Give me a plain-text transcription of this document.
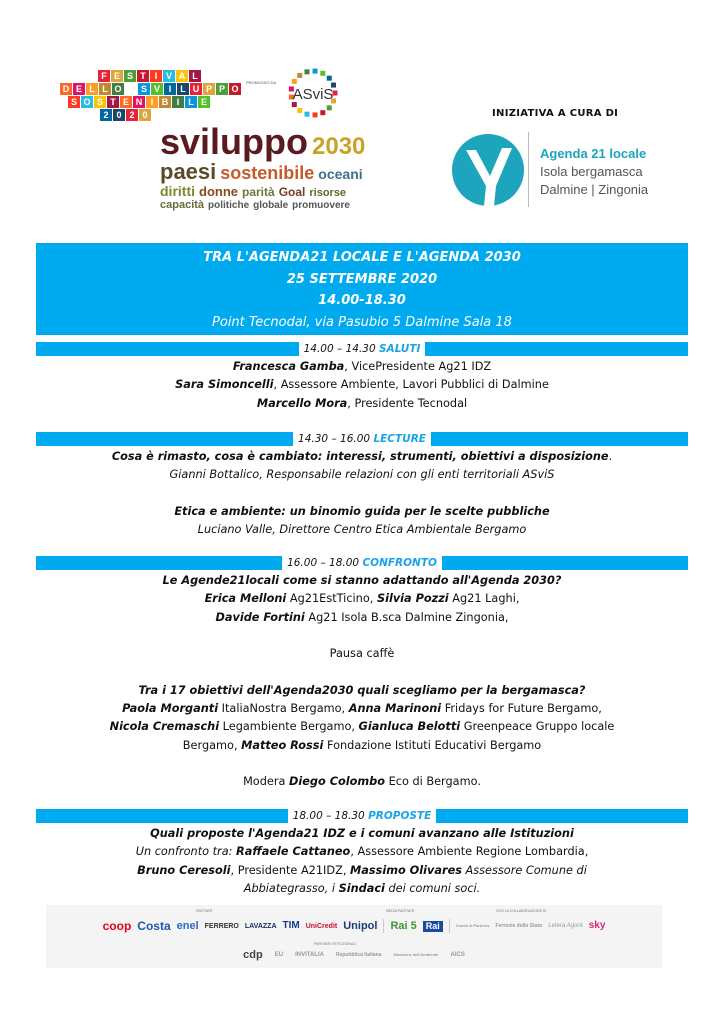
F E S T I V A L
D E L L O	S V I	L U P P O
S O S T E N I B I	L E
2 0 2 0
PROMOSSO DA
ASviS
sviluppo 2030
paesi sostenibile oceani
diritti donne parità Goal risorse
capacità politiche globale promuovere
INIZIATIVA A CURA DI
Agenda 21 locale
Isola bergamasca
Dalmine | Zingonia
TRA L'AGENDA21 LOCALE E L'AGENDA 2030
25 SETTEMBRE 2020
14.00-18.30
Point Tecnodal, via Pasubio 5 Dalmine Sala 18
14.00 – 14.30 SALUTI
Francesca Gamba, VicePresidente Ag21 IDZ
Sara Simoncelli, Assessore Ambiente, Lavori Pubblici di Dalmine
Marcello Mora, Presidente Tecnodal
14.30 – 16.00 LECTURE
Cosa è rimasto, cosa è cambiato: interessi, strumenti, obiettivi a disposizione.
Gianni Bottalico, Responsabile relazioni con gli enti territoriali ASviS
Etica e ambiente: un binomio guida per le scelte pubbliche
Luciano Valle, Direttore Centro Etica Ambientale Bergamo
16.00 – 18.00 CONFRONTO
Le Agende21locali come si stanno adattando all'Agenda 2030?
Erica Melloni Ag21EstTicino, Silvia Pozzi Ag21 Laghi,
Davide Fortini Ag21 Isola B.sca Dalmine Zingonia,
Pausa caffè
Tra i 17 obiettivi dell'Agenda2030 quali scegliamo per la bergamasca?
Paola Morganti ItaliaNostra Bergamo, Anna Marinoni Fridays for Future Bergamo,
Nicola Cremaschi Legambiente Bergamo, Gianluca Belotti Greenpeace Gruppo locale
Bergamo, Matteo Rossi Fondazione Istituti Educativi Bergamo
Modera Diego Colombo Eco di Bergamo.
18.00 – 18.30 PROPOSTE
Quali proposte l'Agenda21 IDZ e i comuni avanzano alle Istituzioni
Un confronto tra: Raffaele Cattaneo, Assessore Ambiente Regione Lombardia,
Bruno Ceresoli, Presidente A21IDZ, Massimo Olivares Assessore Comune di
Abbiategrasso, i Sindaci dei comuni soci.
PARTNER	MEDIA PARTNER	CON LA COLLABORAZIONE DI
PARTNER ISTITUZIONALI
coop Costa enel FERRERO LAVAZZA TIM UniCredit Unipol Rai 5	Rai	Comin & Partners Ferrovie dello Stato Letera Agorà sky
cdp EU INVITALIA Repubblica Italiana	Ministero dell'Ambiente AICS
